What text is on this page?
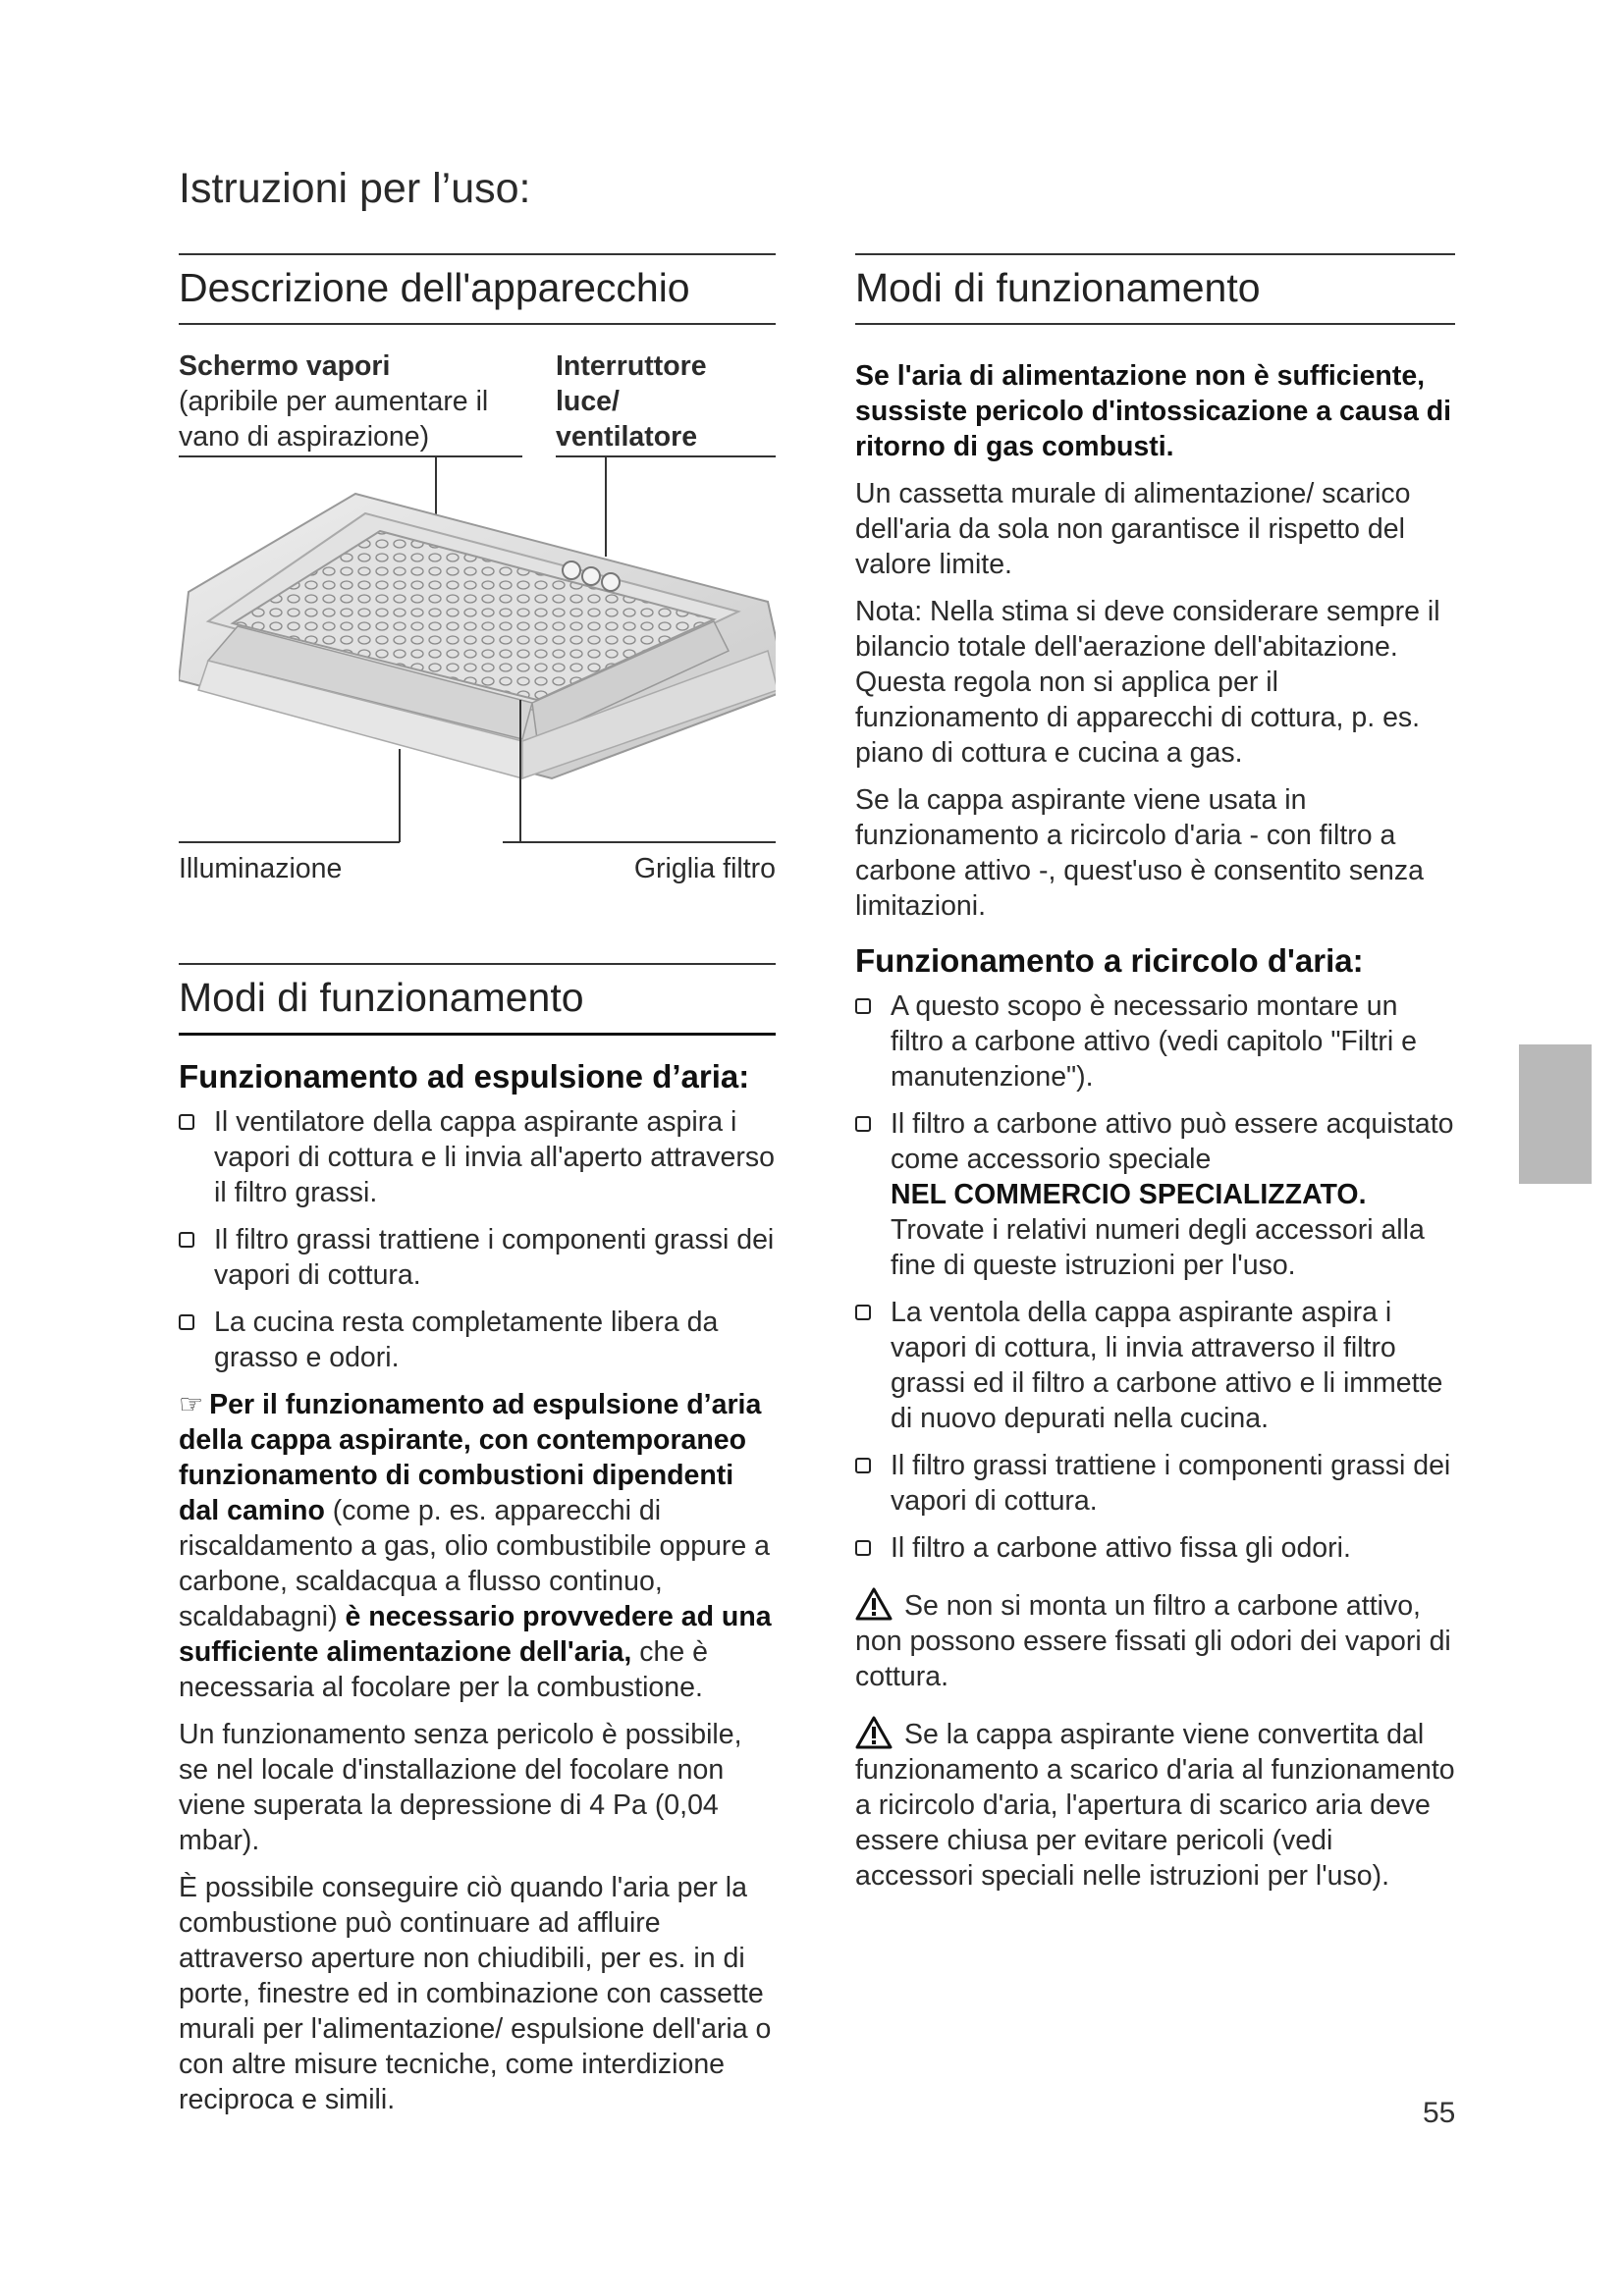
Istruzioni per l’uso:
Descrizione dell'apparecchio
Schermo vapori
(apribile per aumentare il vano di aspirazione)
Interruttore luce/ ventilatore
Illuminazione	Griglia filtro
Modi di funzionamento
Funzionamento ad espulsione d’aria:
Il ventilatore della cappa aspirante aspira i vapori di cottura e li invia all'aperto attraverso il filtro grassi.
Il filtro grassi trattiene i componenti grassi dei vapori di cottura.
La cucina resta completamente libera da grasso e odori.
☞ Per il funzionamento ad espulsione d’aria della cappa aspirante, con contemporaneo funzionamento di combustioni dipendenti dal camino (come p. es. apparecchi di riscaldamento a gas, olio combustibile oppure a carbone, scaldacqua a flusso continuo, scaldabagni) è necessario provvedere ad una sufficiente alimentazione dell'aria, che è necessaria al focolare per la combustione.
Un funzionamento senza pericolo è possibile, se nel locale d'installazione del focolare non viene superata la depressione di 4 Pa (0,04 mbar).
È possibile conseguire ciò quando l'aria per la combustione può continuare ad affluire attraverso aperture non chiudibili, per es. in di porte, finestre ed in combinazione con cassette murali per l'alimentazione/ espulsione dell'aria o con altre misure tecniche, come interdizione reciproca e simili.
Modi di funzionamento
Se l'aria di alimentazione non è sufficiente, sussiste pericolo d'intossicazione a causa di ritorno di gas combusti.
Un cassetta murale di alimentazione/ scarico dell'aria da sola non garantisce il rispetto del valore limite.
Nota: Nella stima si deve considerare sempre il bilancio totale dell'aerazione dell'abitazione. Questa regola non si applica per il funzionamento di apparecchi di cottura, p. es. piano di cottura e cucina a gas.
Se la cappa aspirante viene usata in funzionamento a ricircolo d'aria - con filtro a carbone attivo -, quest'uso è consentito senza limitazioni.
Funzionamento a ricircolo d'aria:
A questo scopo è necessario montare un filtro a carbone attivo (vedi capitolo "Filtri e manutenzione").
Il filtro a carbone attivo può essere acquistato come accessorio speciale
NEL COMMERCIO SPECIALIZZATO.
Trovate i relativi numeri degli accessori alla fine di queste istruzioni per l'uso.
La ventola della cappa aspirante aspira i vapori di cottura, li invia attraverso il filtro grassi ed il filtro a carbone attivo e li immette di nuovo depurati nella cucina.
Il filtro grassi trattiene i componenti grassi dei vapori di cottura.
Il filtro a carbone attivo fissa gli odori.
Se non si monta un filtro a carbone attivo, non possono essere fissati gli odori dei vapori di cottura.
Se la cappa aspirante viene convertita dal funzionamento a scarico d'aria al funzionamento a ricircolo d'aria, l'apertura di scarico aria deve essere chiusa per evitare pericoli (vedi accessori speciali nelle istruzioni per l'uso).
55
